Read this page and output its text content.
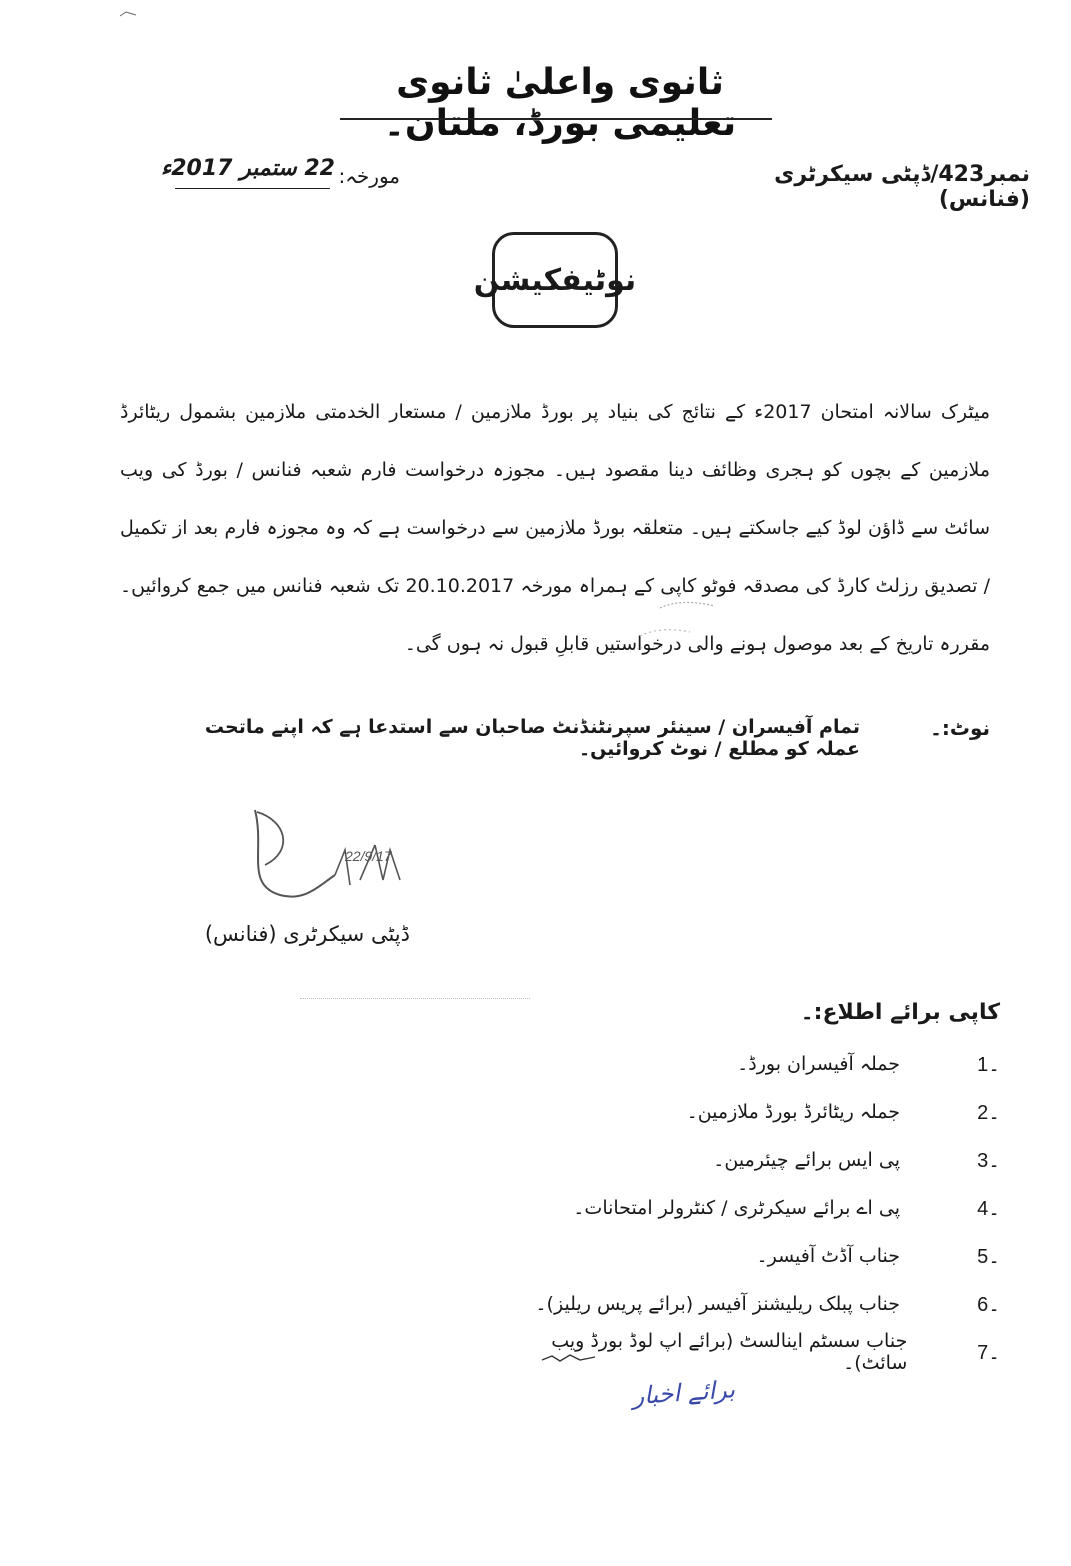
ثانوی واعلیٰ ثانوی تعلیمی بورڈ، ملتان۔
نمبر423/ڈپٹی سیکرٹری (فنانس)
مورخہ:
22 ستمبر 2017ء
نوٹیفکیشن
میٹرک سالانہ امتحان 2017ء کے نتائج کی بنیاد پر بورڈ ملازمین / مستعار الخدمتی ملازمین بشمول ریٹائرڈ ملازمین کے بچوں کو ہجری وظائف دینا مقصود ہیں۔ مجوزہ درخواست فارم شعبہ فنانس / بورڈ کی ویب سائٹ سے ڈاؤن لوڈ کیے جاسکتے ہیں۔ متعلقہ بورڈ ملازمین سے درخواست ہے کہ وہ مجوزہ فارم بعد از تکمیل / تصدیق رزلٹ کارڈ کی مصدقہ فوٹو کاپی کے ہمراہ مورخہ 20.10.2017 تک شعبہ فنانس میں جمع کروائیں۔ مقررہ تاریخ کے بعد موصول ہونے والی درخواستیں قابلِ قبول نہ ہوں گی۔
نوٹ:۔
تمام آفیسران / سینئر سپرنٹنڈنٹ صاحبان سے استدعا ہے کہ اپنے ماتحت عملہ کو مطلع / نوٹ کروائیں۔
22/9/17
ڈپٹی سیکرٹری (فنانس)
کاپی برائے اطلاع:۔
1۔
جملہ آفیسران بورڈ۔
2۔
جملہ ریٹائرڈ بورڈ ملازمین۔
3۔
پی ایس برائے چیئرمین۔
4۔
پی اے برائے سیکرٹری / کنٹرولر امتحانات۔
5۔
جناب آڈٹ آفیسر۔
6۔
جناب پبلک ریلیشنز آفیسر (برائے پریس ریلیز)۔
7۔
جناب سسٹم اینالسٹ (برائے اپ لوڈ بورڈ ویب سائٹ)۔
برائے اخبار
